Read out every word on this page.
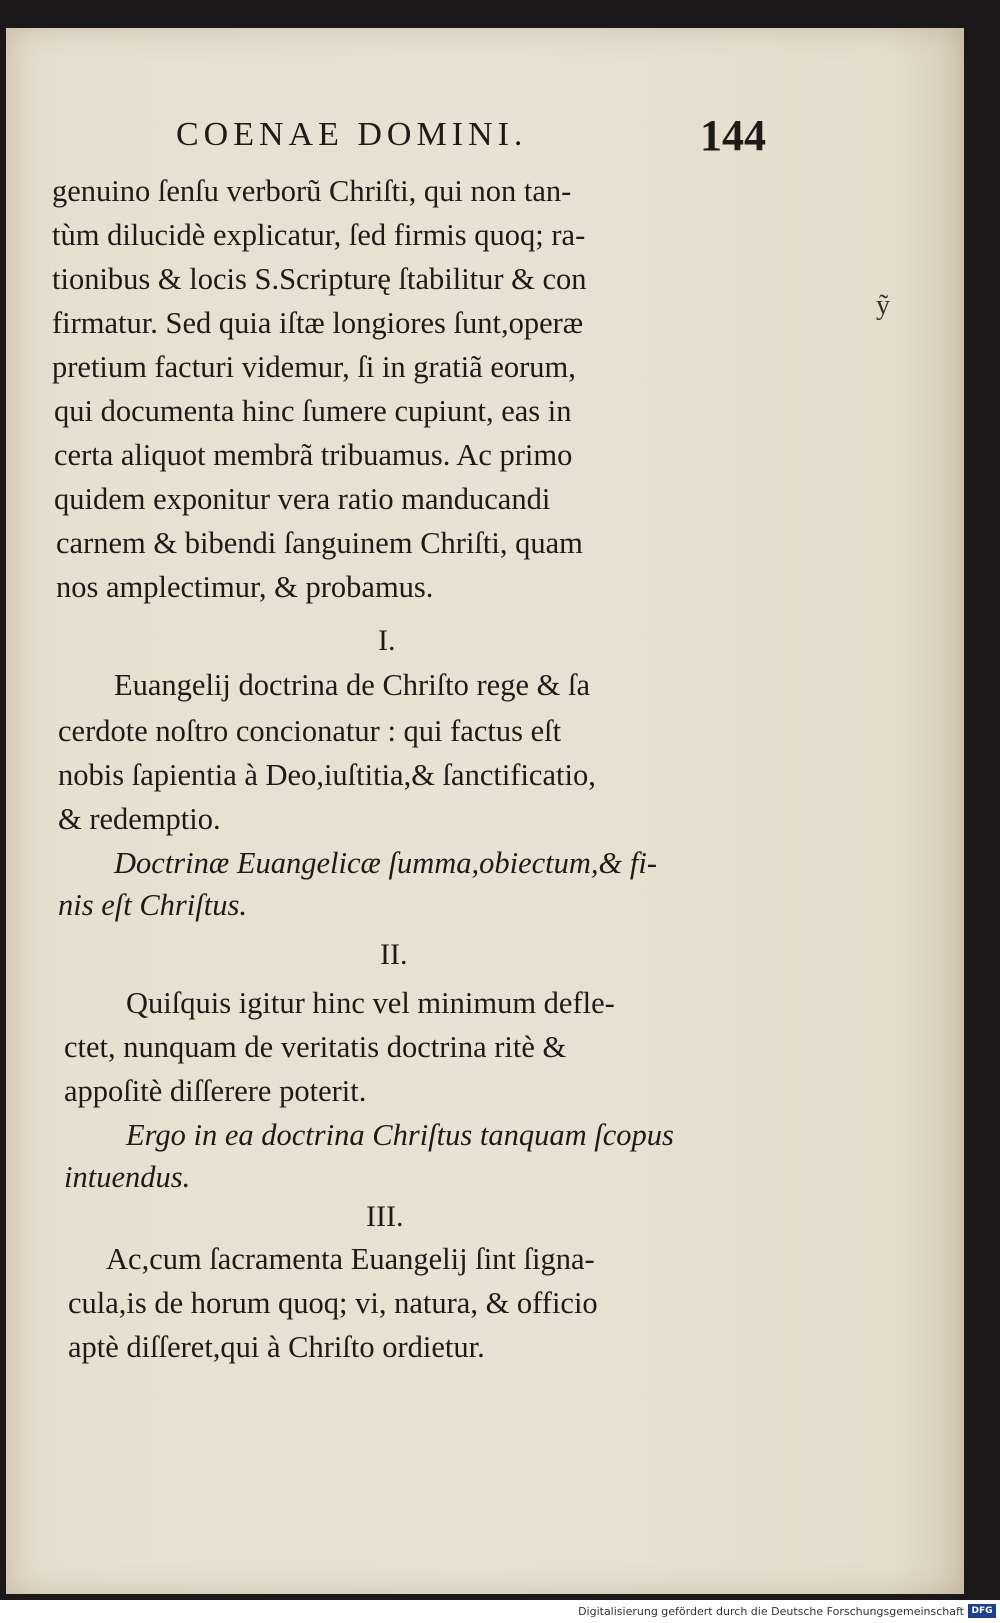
COENAE DOMINI.	144
ỹ
genuino ſenſu verborũ Chriſti, qui non tan-
tùm dilucidè explicatur, ſed firmis quoq; ra-
tionibus & locis S.Scripturę ſtabilitur & con
firmatur. Sed quia iſtæ longiores ſunt,operæ
pretium facturi videmur, ſi in gratiã eorum,
qui documenta hinc ſumere cupiunt, eas in
certa aliquot membrã tribuamus. Ac primo
quidem exponitur vera ratio manducandi
carnem & bibendi ſanguinem Chriſti, quam
nos amplectimur, & probamus.
I.
Euangelij doctrina de Chriſto rege & ſa
cerdote noſtro concionatur : qui factus eſt
nobis ſapientia à Deo,iuſtitia,& ſanctificatio,
& redemptio.
Doctrinæ Euangelicæ ſumma,obiectum,& fi-
nis eſt Chriſtus.
II.
Quiſquis igitur hinc vel minimum defle-
ctet, nunquam de veritatis doctrina ritè &
appoſitè diſſerere poterit.
Ergo in ea doctrina Chriſtus tanquam ſcopus
intuendus.
III.
Ac,cum ſacramenta Euangelij ſint ſigna-
cula,is de horum quoq; vi, natura, & officio
aptè diſſeret,qui à Chriſto ordietur.
Digitalisierung gefördert durch die Deutsche Forschungsgemeinschaft DFG
